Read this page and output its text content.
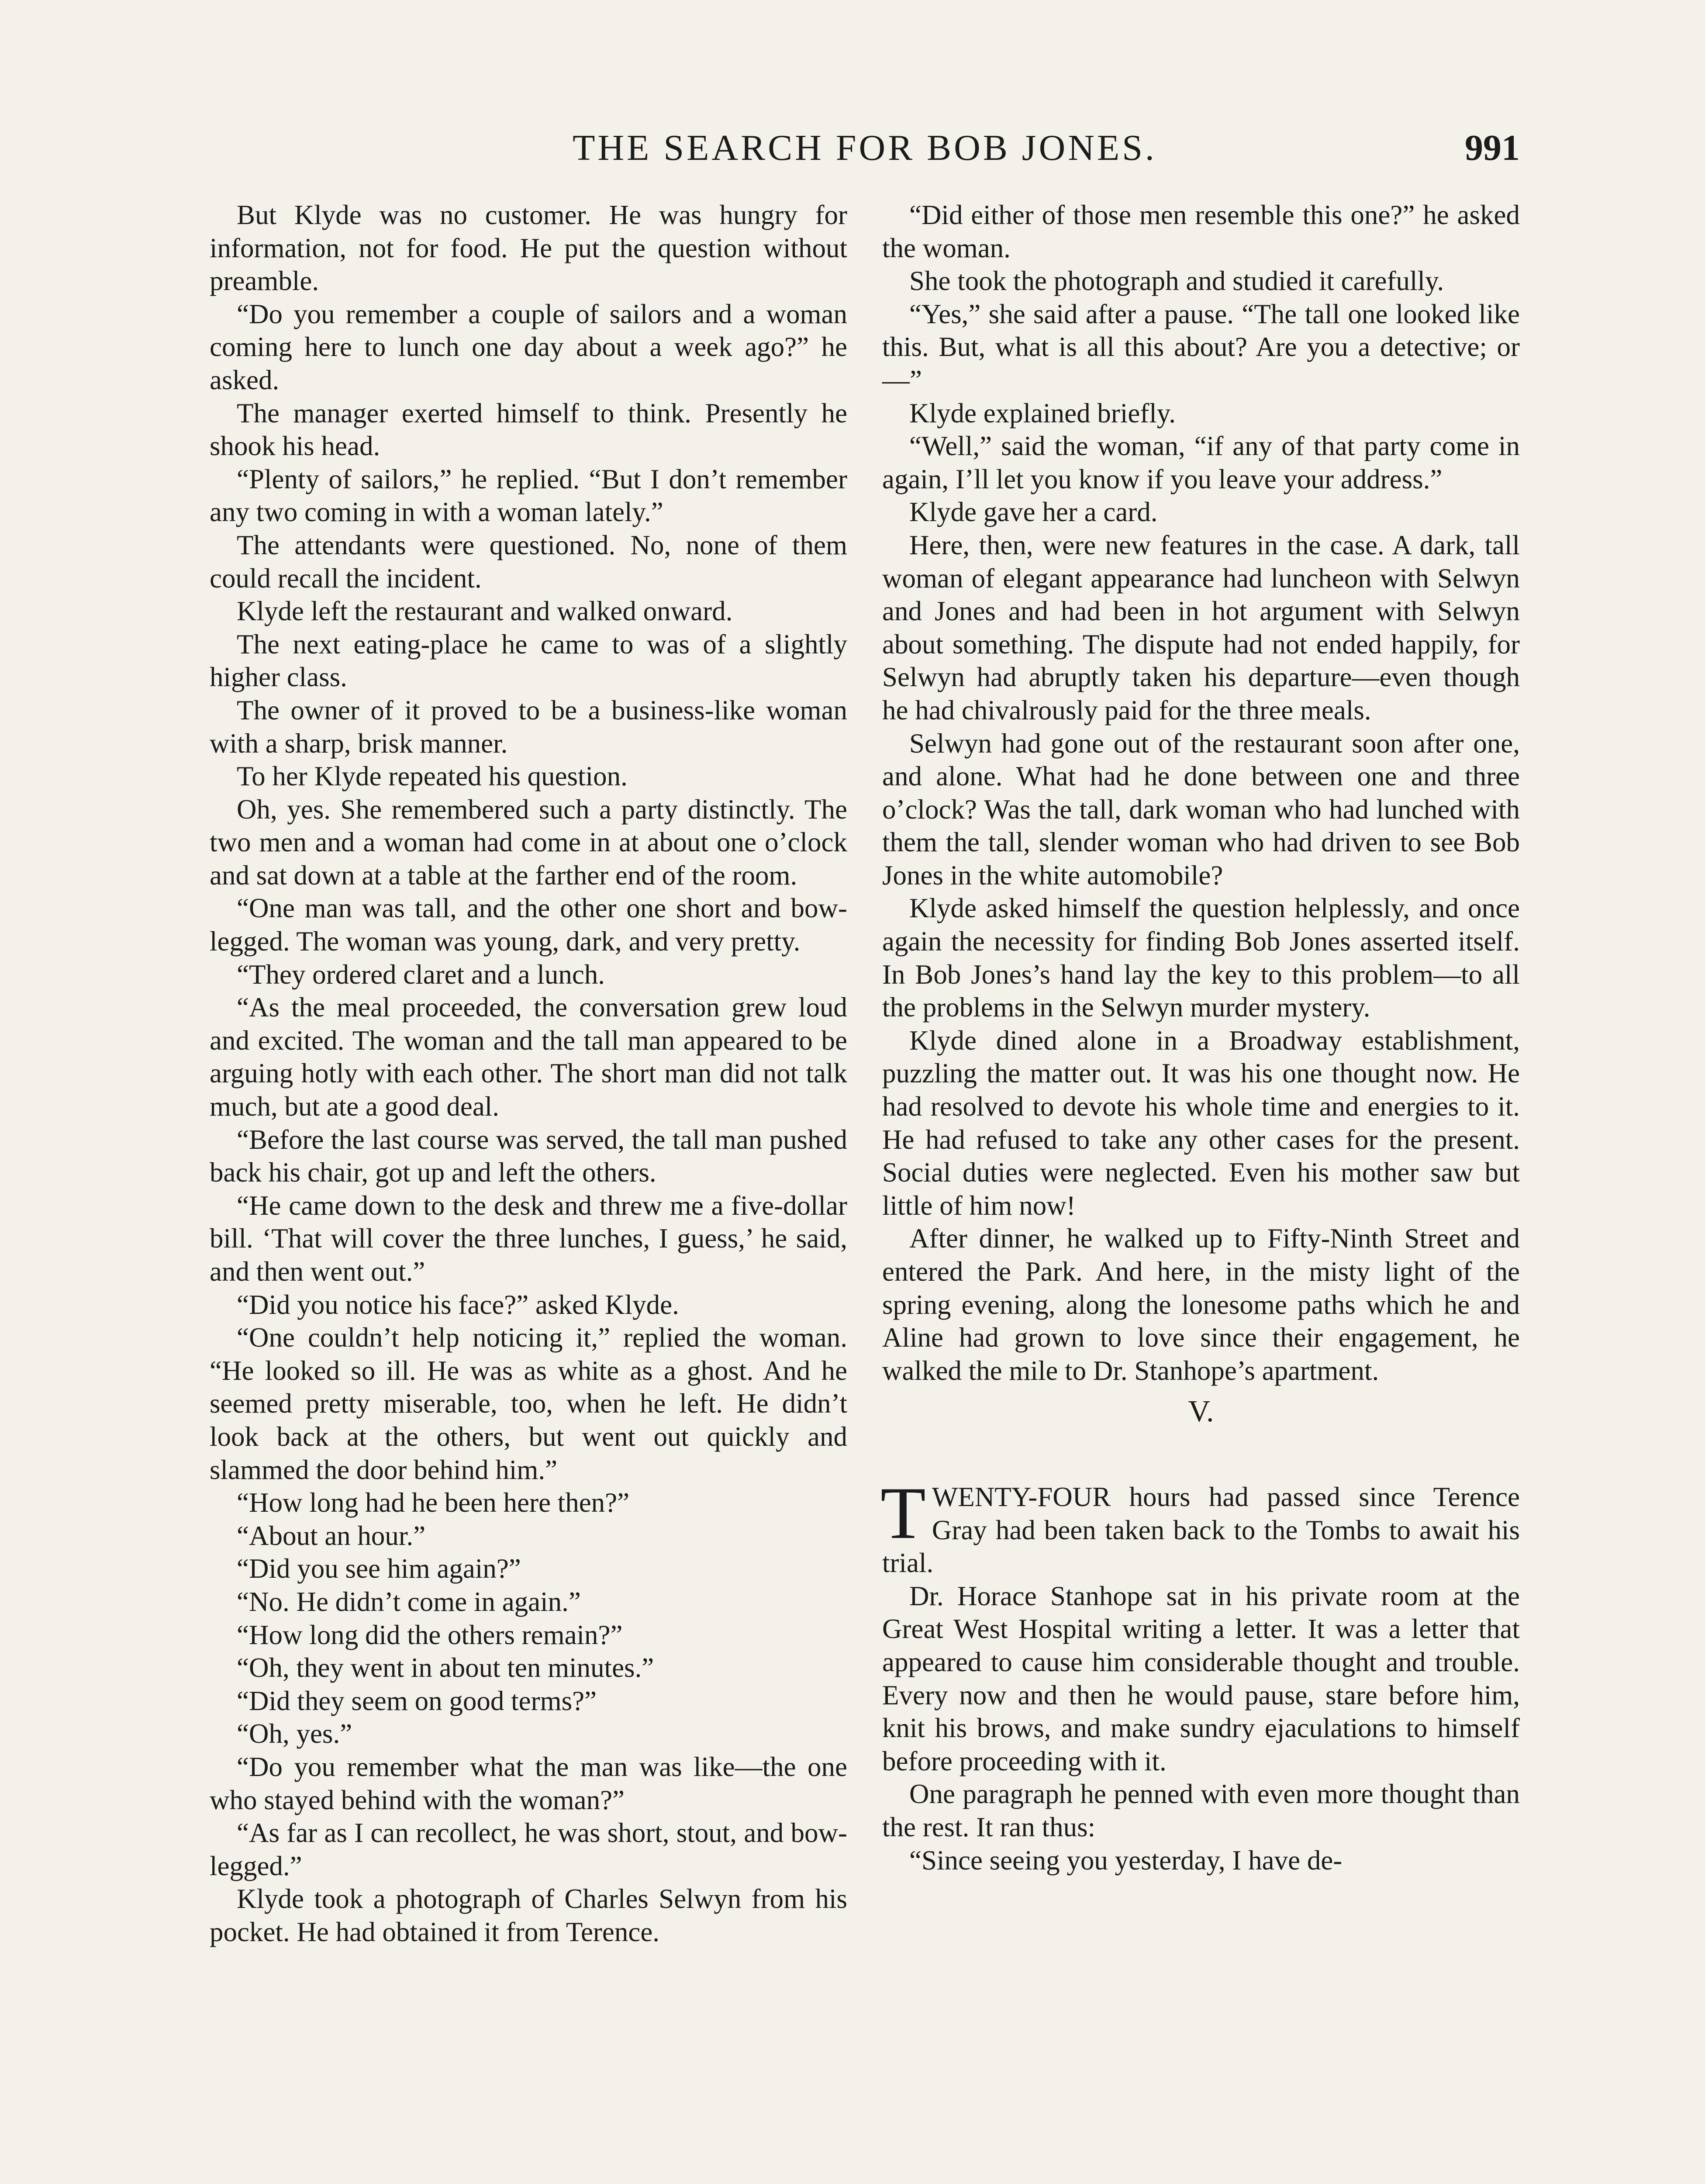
THE SEARCH FOR BOB JONES.	991

But Klyde was no customer. He was hungry for information, not for food. He put the question without preamble.

“Do you remember a couple of sailors and a woman coming here to lunch one day about a week ago?” he asked.

The manager exerted himself to think. Presently he shook his head.

“Plenty of sailors,” he replied. “But I don’t remember any two coming in with a woman lately.”

The attendants were questioned. No, none of them could recall the incident.

Klyde left the restaurant and walked onward.

The next eating-place he came to was of a slightly higher class.

The owner of it proved to be a business-like woman with a sharp, brisk manner.

To her Klyde repeated his question.

Oh, yes. She remembered such a party distinctly. The two men and a woman had come in at about one o’clock and sat down at a table at the farther end of the room.

“One man was tall, and the other one short and bow-legged. The woman was young, dark, and very pretty.

“They ordered claret and a lunch.

“As the meal proceeded, the conversation grew loud and excited. The woman and the tall man appeared to be arguing hotly with each other. The short man did not talk much, but ate a good deal.

“Before the last course was served, the tall man pushed back his chair, got up and left the others.

“He came down to the desk and threw me a five-dollar bill. ‘That will cover the three lunches, I guess,’ he said, and then went out.”

“Did you notice his face?” asked Klyde.

“One couldn’t help noticing it,” replied the woman. “He looked so ill. He was as white as a ghost. And he seemed pretty miserable, too, when he left. He didn’t look back at the others, but went out quickly and slammed the door behind him.”

“How long had he been here then?”

“About an hour.”

“Did you see him again?”

“No. He didn’t come in again.”

“How long did the others remain?”

“Oh, they went in about ten minutes.”

“Did they seem on good terms?”

“Oh, yes.”

“Do you remember what the man was like—the one who stayed behind with the woman?”

“As far as I can recollect, he was short, stout, and bow-legged.”

Klyde took a photograph of Charles Selwyn from his pocket. He had obtained it from Terence.

“Did either of those men resemble this one?” he asked the woman.

She took the photograph and studied it carefully.

“Yes,” she said after a pause. “The tall one looked like this. But, what is all this about? Are you a detective; or—”

Klyde explained briefly.

“Well,” said the woman, “if any of that party come in again, I’ll let you know if you leave your address.”

Klyde gave her a card.

Here, then, were new features in the case. A dark, tall woman of elegant appearance had luncheon with Selwyn and Jones and had been in hot argument with Selwyn about something. The dispute had not ended happily, for Selwyn had abruptly taken his departure—even though he had chivalrously paid for the three meals.

Selwyn had gone out of the restaurant soon after one, and alone. What had he done between one and three o’clock? Was the tall, dark woman who had lunched with them the tall, slender woman who had driven to see Bob Jones in the white automobile?

Klyde asked himself the question helplessly, and once again the necessity for finding Bob Jones asserted itself. In Bob Jones’s hand lay the key to this problem—to all the problems in the Selwyn murder mystery.

Klyde dined alone in a Broadway establishment, puzzling the matter out. It was his one thought now. He had resolved to devote his whole time and energies to it. He had refused to take any other cases for the present. Social duties were neglected. Even his mother saw but little of him now!

After dinner, he walked up to Fifty-Ninth Street and entered the Park. And here, in the misty light of the spring evening, along the lonesome paths which he and Aline had grown to love since their engagement, he walked the mile to Dr. Stanhope’s apartment.

V.

TWENTY-FOUR hours had passed since Terence Gray had been taken back to the Tombs to await his trial.

Dr. Horace Stanhope sat in his private room at the Great West Hospital writing a letter. It was a letter that appeared to cause him considerable thought and trouble. Every now and then he would pause, stare before him, knit his brows, and make sundry ejaculations to himself before proceeding with it.

One paragraph he penned with even more thought than the rest. It ran thus:

“Since seeing you yesterday, I have de-
